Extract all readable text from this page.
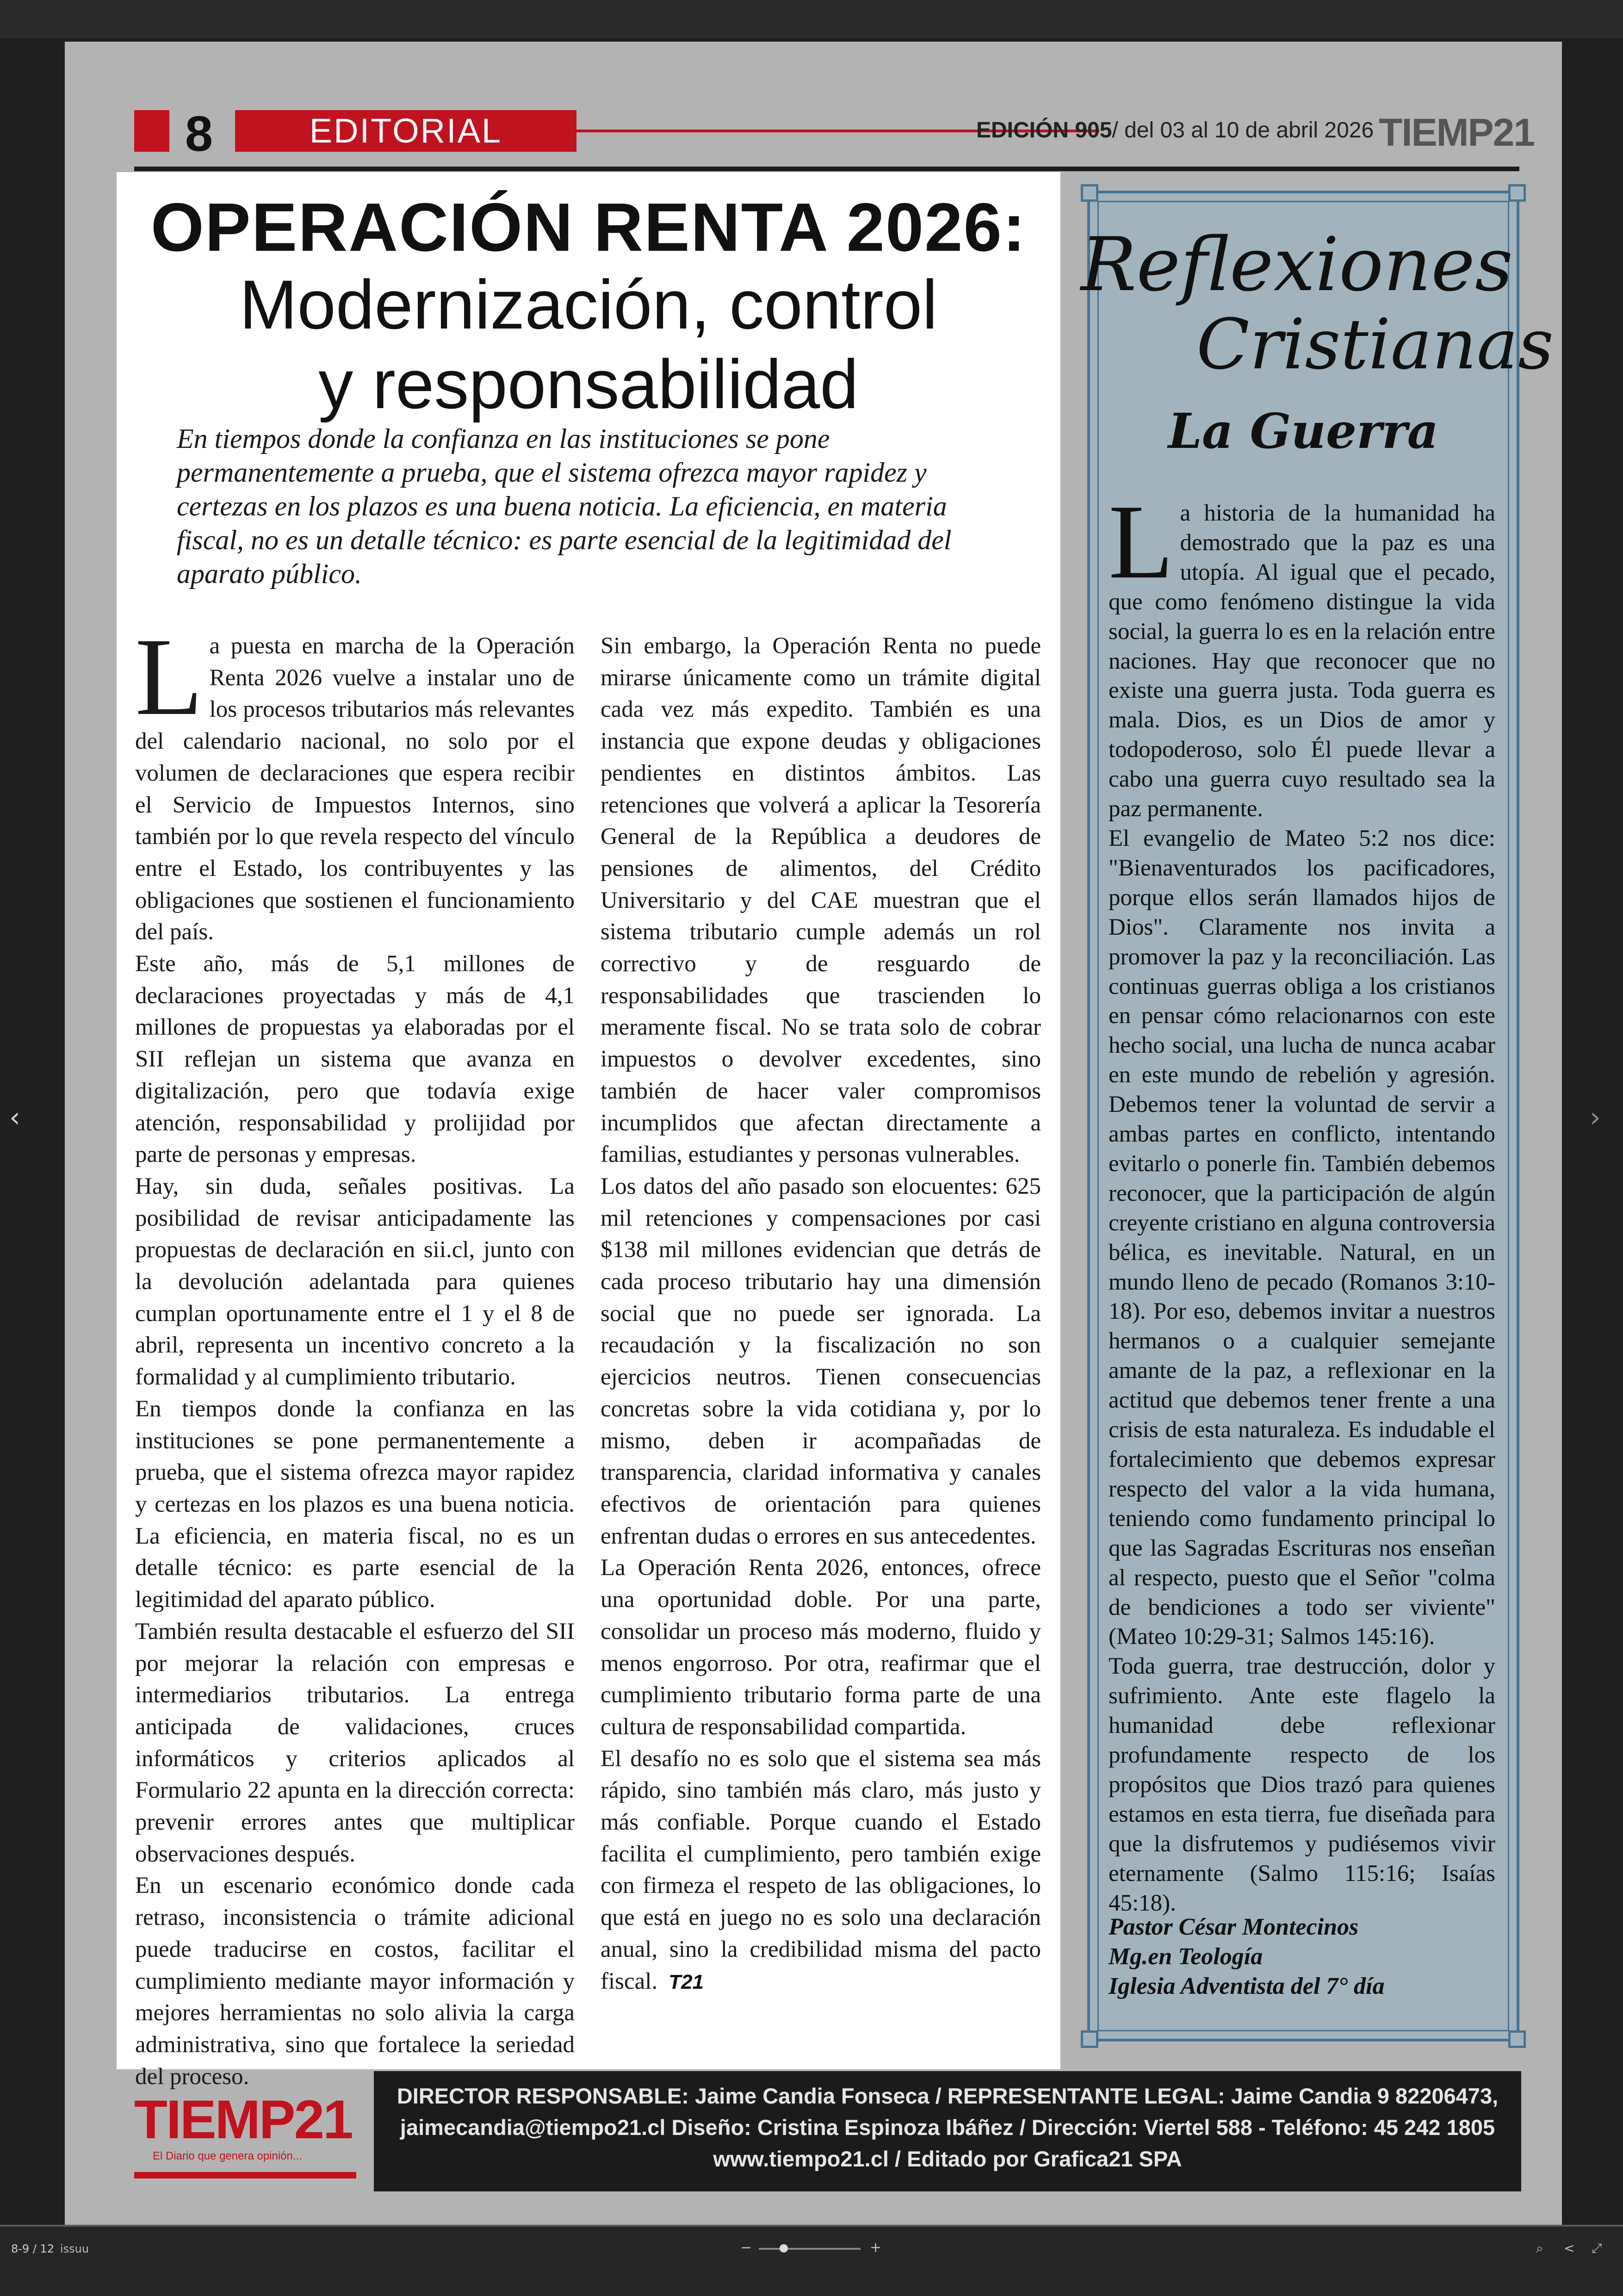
‹	›
8	EDITORIAL	EDICIÓN 905/ del 03 al 10 de abril 2026 TIEMP21
OPERACIÓN RENTA 2026:
Modernización, control
y responsabilidad
En tiempos donde la confianza en las instituciones se pone permanentemente a prueba, que el sistema ofrezca mayor rapidez y certezas en los plazos es una buena noticia. La eficiencia, en materia fiscal, no es un detalle técnico: es parte esencial de la legitimidad del aparato público.

La puesta en marcha de la Operación Renta 2026 vuelve a instalar uno de los procesos tributarios más relevantes del calendario nacional, no solo por el volumen de declaraciones que espera recibir el Servicio de Impuestos Internos, sino también por lo que revela respecto del vínculo entre el Estado, los contribuyentes y las obligaciones que sostienen el funcionamiento del país.

Este año, más de 5,1 millones de declaraciones proyectadas y más de 4,1 millones de propuestas ya elaboradas por el SII reflejan un sistema que avanza en digitalización, pero que todavía exige atención, responsabilidad y prolijidad por parte de personas y empresas.

Hay, sin duda, señales positivas. La posibilidad de revisar anticipadamente las propuestas de declaración en sii.cl, junto con la devolución adelantada para quienes cumplan oportunamente entre el 1 y el 8 de abril, representa un incentivo concreto a la formalidad y al cumplimiento tributario.

En tiempos donde la confianza en las instituciones se pone permanentemente a prueba, que el sistema ofrezca mayor rapidez y certezas en los plazos es una buena noticia. La eficiencia, en materia fiscal, no es un detalle técnico: es parte esencial de la legitimidad del aparato público.

También resulta destacable el esfuerzo del SII por mejorar la relación con empresas e intermediarios tributarios. La entrega anticipada de validaciones, cruces informáticos y criterios aplicados al Formulario 22 apunta en la dirección correcta: prevenir errores antes que multiplicar observaciones después.

En un escenario económico donde cada retraso, inconsistencia o trámite adicional puede traducirse en costos, facilitar el cumplimiento mediante mayor información y mejores herramientas no solo alivia la carga administrativa, sino que fortalece la seriedad del proceso.

Sin embargo, la Operación Renta no puede mirarse únicamente como un trámite digital cada vez más expedito. También es una instancia que expone deudas y obligaciones pendientes en distintos ámbitos. Las retenciones que volverá a aplicar la Tesorería General de la República a deudores de pensiones de alimentos, del Crédito Universitario y del CAE muestran que el sistema tributario cumple además un rol correctivo y de resguardo de responsabilidades que trascienden lo meramente fiscal. No se trata solo de cobrar impuestos o devolver excedentes, sino también de hacer valer compromisos incumplidos que afectan directamente a familias, estudiantes y personas vulnerables.

Los datos del año pasado son elocuentes: 625 mil retenciones y compensaciones por casi $138 mil millones evidencian que detrás de cada proceso tributario hay una dimensión social que no puede ser ignorada. La recaudación y la fiscalización no son ejercicios neutros. Tienen consecuencias concretas sobre la vida cotidiana y, por lo mismo, deben ir acompañadas de transparencia, claridad informativa y canales efectivos de orientación para quienes enfrentan dudas o errores en sus antecedentes.

La Operación Renta 2026, entonces, ofrece una oportunidad doble. Por una parte, consolidar un proceso más moderno, fluido y menos engorroso. Por otra, reafirmar que el cumplimiento tributario forma parte de una cultura de responsabilidad compartida.

El desafío no es solo que el sistema sea más rápido, sino también más claro, más justo y más confiable. Porque cuando el Estado facilita el cumplimiento, pero también exige con firmeza el respeto de las obligaciones, lo que está en juego no es solo una declaración anual, sino la credibilidad misma del pacto fiscal. T21

Reflexiones
Cristianas
La Guerra

La historia de la humanidad ha demostrado que la paz es una utopía. Al igual que el pecado, que como fenómeno distingue la vida social, la guerra lo es en la relación entre naciones. Hay que reconocer que no existe una guerra justa. Toda guerra es mala. Dios, es un Dios de amor y todopoderoso, solo Él puede llevar a cabo una guerra cuyo resultado sea la paz permanente.

El evangelio de Mateo 5:2 nos dice: "Bienaventurados los pacificadores, porque ellos serán llamados hijos de Dios". Claramente nos invita a promover la paz y la reconciliación. Las continuas guerras obliga a los cristianos en pensar cómo relacionarnos con este hecho social, una lucha de nunca acabar en este mundo de rebelión y agresión. Debemos tener la voluntad de servir a ambas partes en conflicto, intentando evitarlo o ponerle fin. También debemos reconocer, que la participación de algún creyente cristiano en alguna controversia bélica, es inevitable. Natural, en un mundo lleno de pecado (Romanos 3:10-18). Por eso, debemos invitar a nuestros hermanos o a cualquier semejante amante de la paz, a reflexionar en la actitud que debemos tener frente a una crisis de esta naturaleza. Es indudable el fortalecimiento que debemos expresar respecto del valor a la vida humana, teniendo como fundamento principal lo que las Sagradas Escrituras nos enseñan al respecto, puesto que el Señor "colma de bendiciones a todo ser viviente" (Mateo 10:29-31; Salmos 145:16).

Toda guerra, trae destrucción, dolor y sufrimiento. Ante este flagelo la humanidad debe reflexionar profundamente respecto de los propósitos que Dios trazó para quienes estamos en esta tierra, fue diseñada para que la disfrutemos y pudiésemos vivir eternamente (Salmo 115:16; Isaías 45:18).

Pastor César Montecinos
Mg.en Teología
Iglesia Adventista del 7° día
TIEMP21
El Diario que genera opinión...
DIRECTOR RESPONSABLE: Jaime Candia Fonseca / REPRESENTANTE LEGAL: Jaime Candia 9 82206473,
jaimecandia@tiempo21.cl Diseño: Cristina Espinoza Ibáñez / Dirección: Viertel 588 - Teléfono: 45 242 1805
www.tiempo21.cl / Editado por Grafica21 SPA
8-9 / 12 issuu	−	+	⌕ < ⤢
